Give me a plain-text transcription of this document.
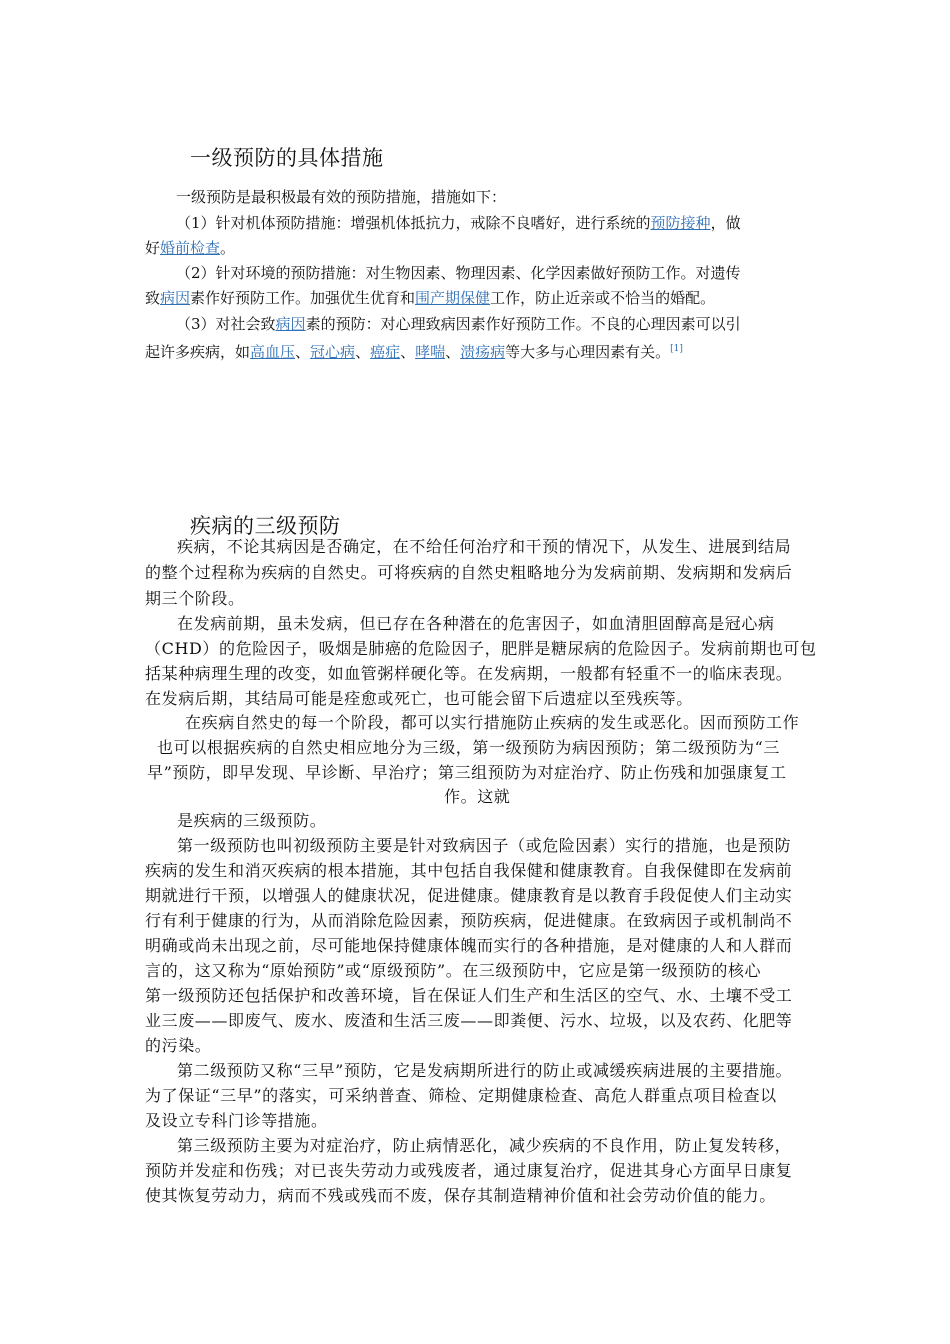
一级预防的具体措施
一级预防是最积极最有效的预防措施，措施如下：
（1）针对机体预防措施：增强机体抵抗力，戒除不良嗜好，进行系统的预防接种，做
好婚前检查。
（2）针对环境的预防措施：对生物因素、物理因素、化学因素做好预防工作。对遗传
致病因素作好预防工作。加强优生优育和围产期保健工作，防止近亲或不恰当的婚配。
（3）对社会致病因素的预防：对心理致病因素作好预防工作。不良的心理因素可以引
起许多疾病，如高血压、冠心病、癌症、哮喘、溃疡病等大多与心理因素有关。[1]
疾病的三级预防
疾病，不论其病因是否确定，在不给任何治疗和干预的情况下，从发生、进展到结局
的整个过程称为疾病的自然史。可将疾病的自然史粗略地分为发病前期、发病期和发病后
期三个阶段。
在发病前期，虽未发病，但已存在各种潜在的危害因子，如血清胆固醇高是冠心病
（CHD）的危险因子，吸烟是肺癌的危险因子，肥胖是糖尿病的危险因子。发病前期也可包
括某种病理生理的改变，如血管粥样硬化等。在发病期，一般都有轻重不一的临床表现。
在发病后期，其结局可能是痊愈或死亡，也可能会留下后遗症以至残疾等。
在疾病自然史的每一个阶段，都可以实行措施防止疾病的发生或恶化。因而预防工作
也可以根据疾病的自然史相应地分为三级，第一级预防为病因预防；第二级预防为“三
早”预防，即早发现、早诊断、早治疗；第三组预防为对症治疗、防止伤残和加强康复工
作。这就
是疾病的三级预防。
第一级预防也叫初级预防主要是针对致病因子（或危险因素）实行的措施，也是预防
疾病的发生和消灭疾病的根本措施，其中包括自我保健和健康教育。自我保健即在发病前
期就进行干预，以增强人的健康状况，促进健康。健康教育是以教育手段促使人们主动实
行有利于健康的行为，从而消除危险因素，预防疾病，促进健康。在致病因子或机制尚不
明确或尚未出现之前，尽可能地保持健康体魄而实行的各种措施，是对健康的人和人群而
言的，这又称为“原始预防”或“原级预防”。在三级预防中，它应是第一级预防的核心
第一级预防还包括保护和改善环境，旨在保证人们生产和生活区的空气、水、土壤不受工
业三废——即废气、废水、废渣和生活三废——即粪便、污水、垃圾，以及农药、化肥等
的污染。
第二级预防又称“三早”预防，它是发病期所进行的防止或减缓疾病进展的主要措施。
为了保证“三早”的落实，可采纳普查、筛检、定期健康检查、高危人群重点项目检查以
及设立专科门诊等措施。
第三级预防主要为对症治疗，防止病情恶化，减少疾病的不良作用，防止复发转移，
预防并发症和伤残；对已丧失劳动力或残废者，通过康复治疗，促进其身心方面早日康复
使其恢复劳动力，病而不残或残而不废，保存其制造精神价值和社会劳动价值的能力。
